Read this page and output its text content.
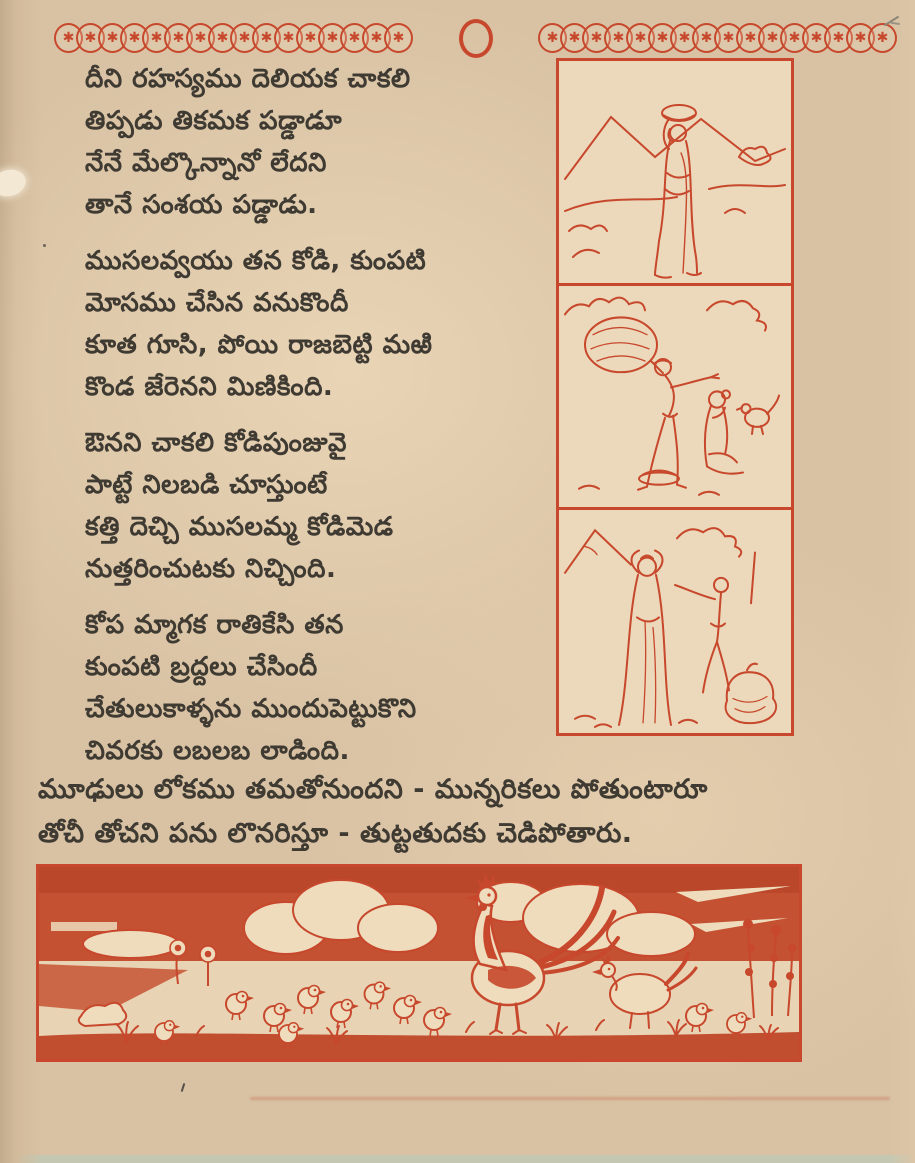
✱ ✱ ✱ ✱ ✱ ✱ ✱ ✱ ✱ ✱ ✱ ✱ ✱ ✱ ✱ ✱	✱ ✱ ✱ ✱ ✱ ✱ ✱ ✱ ✱ ✱ ✱ ✱ ✱ ✱ ✱ ✱
దీని రహస్యము దెలియక చాకలి
తిప్పడు తికమక పడ్డాడూ
నేనే మేల్కొన్నానో లేదని
తానే సంశయ పడ్డాడు.
ముసలవ్వయు తన కోడి, కుంపటి
మోసము చేసిన వనుకొందీ
కూత గూసి, పోయి రాజబెట్టి మఱి
కొండ జేరెనని మిణికింది.
ఔనని చాకలి కోడిపుంజువై
పాట్టే నిలబడి చూస్తుంటే
కత్తి దెచ్చి ముసలమ్మ కోడిమెడ
నుత్తరించుటకు నిచ్చింది.
కోప మ్మాగక రాతికేసి తన
కుంపటి బ్రద్దలు చేసిందీ
చేతులుకాళ్ళను ముందుపెట్టుకొని
చివరకు లబలబ లాడింది.
మూఢులు లోకము తమతోనుందని - మున్నరికలు పోతుంటారూ
తోచీ తోచని పను లొనరిస్తూ - తుట్టతుదకు చెడిపోతారు.
